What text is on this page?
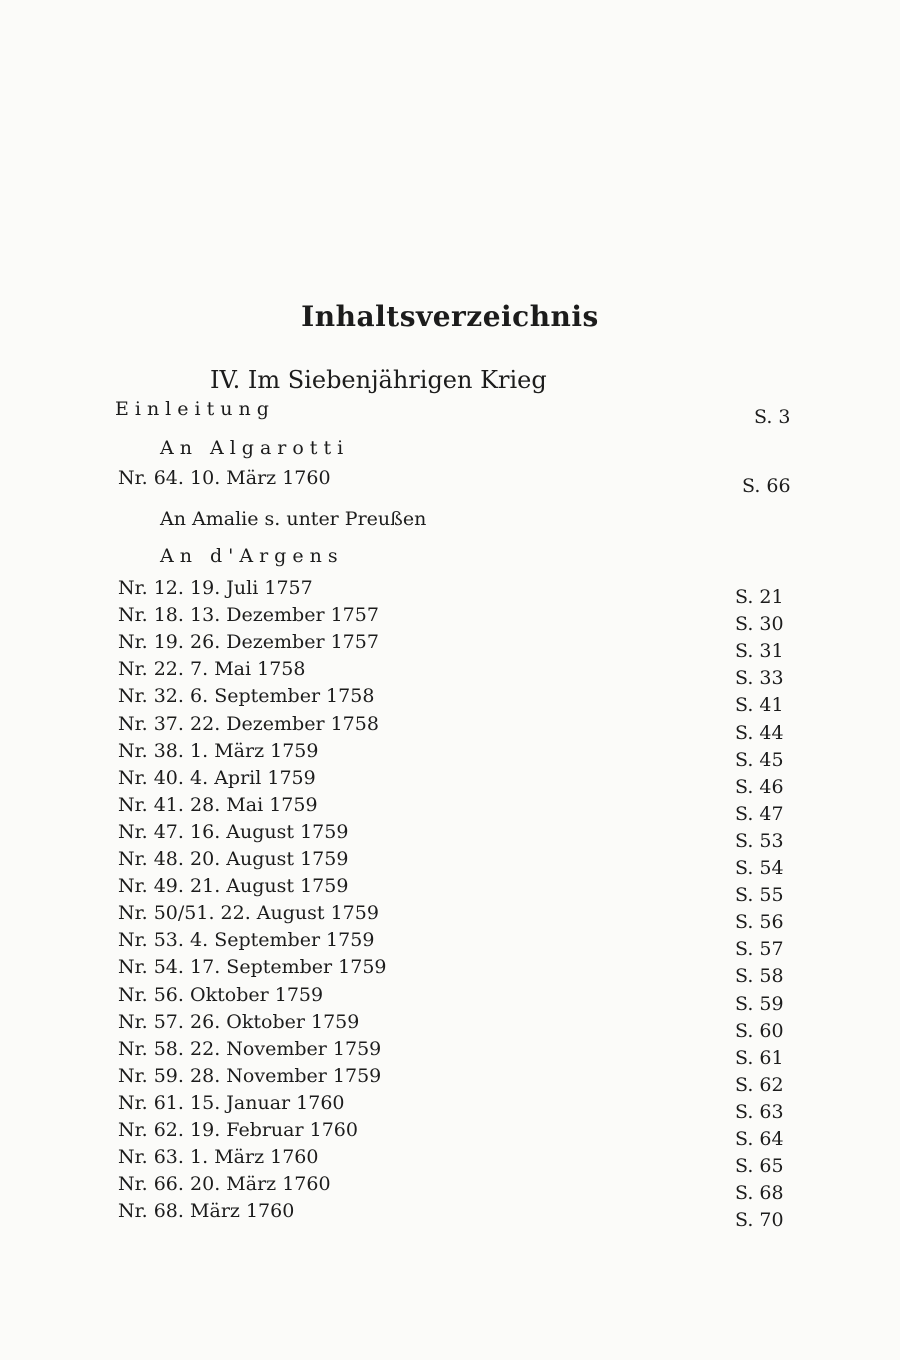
Inhaltsverzeichnis
IV. Im Siebenjährigen Krieg
Einleitung	S. 3
An Algarotti
Nr. 64. 10. März 1760	S. 66
An Amalie s. unter Preußen
An d'Argens
Nr. 12. 19. Juli 1757	S. 21
Nr. 18. 13. Dezember 1757	S. 30
Nr. 19. 26. Dezember 1757	S. 31
Nr. 22. 7. Mai 1758	S. 33
Nr. 32. 6. September 1758	S. 41
Nr. 37. 22. Dezember 1758	S. 44
Nr. 38. 1. März 1759	S. 45
Nr. 40. 4. April 1759	S. 46
Nr. 41. 28. Mai 1759	S. 47
Nr. 47. 16. August 1759	S. 53
Nr. 48. 20. August 1759	S. 54
Nr. 49. 21. August 1759	S. 55
Nr. 50/51. 22. August 1759	S. 56
Nr. 53. 4. September 1759	S. 57
Nr. 54. 17. September 1759	S. 58
Nr. 56. Oktober 1759	S. 59
Nr. 57. 26. Oktober 1759	S. 60
Nr. 58. 22. November 1759	S. 61
Nr. 59. 28. November 1759	S. 62
Nr. 61. 15. Januar 1760	S. 63
Nr. 62. 19. Februar 1760	S. 64
Nr. 63. 1. März 1760	S. 65
Nr. 66. 20. März 1760	S. 68
Nr. 68. März 1760	S. 70
